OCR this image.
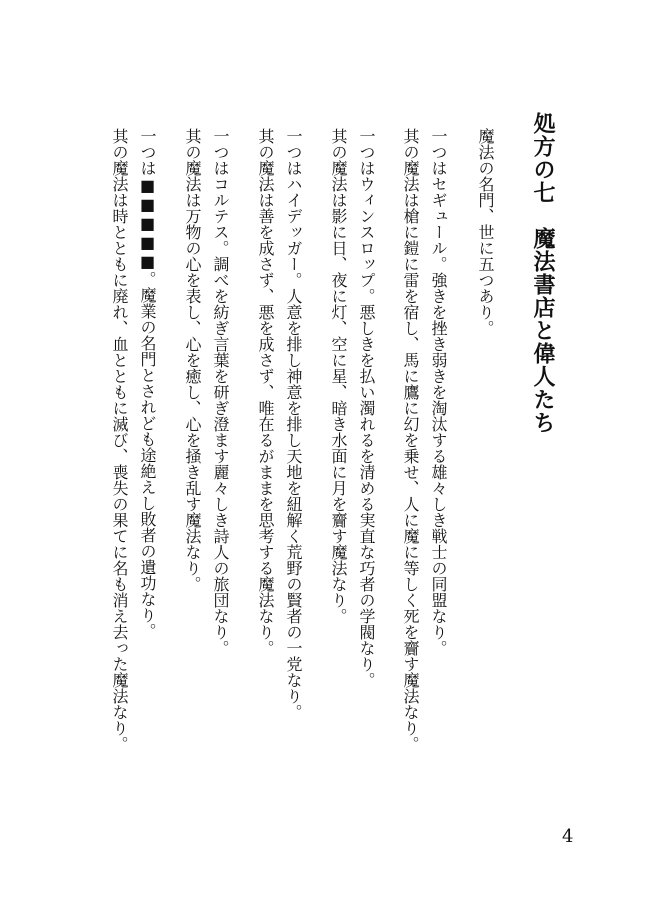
処方の七　魔法書店と偉人たち

魔法の名門、世に五つあり。

一つはセギュール。強きを挫き弱きを淘汰する雄々しき戦士の同盟なり。

其の魔法は槍に鎧に雷を宿し、馬に鷹に幻を乗せ、人に魔に等しく死を齎す魔法なり。

一つはウィンスロップ。悪しきを払い濁れるを清める実直な巧者の学閥なり。

其の魔法は影に日、夜に灯、空に星、暗き水面に月を齎す魔法なり。

一つはハイデッガー。人意を排し神意を排し天地を紐解く荒野の賢者の一党なり。

其の魔法は善を成さず、悪を成さず、唯在るがままを思考する魔法なり。

一つはコルテス。調べを紡ぎ言葉を研ぎ澄ます麗々しき詩人の旅団なり。

其の魔法は万物の心を表し、心を癒し、心を掻き乱す魔法なり。

一つは■■■■■。魔業の名門とされども途絶えし敗者の遺功なり。

其の魔法は時とともに廃れ、血とともに滅び、喪失の果てに名も消え去った魔法なり。

4
